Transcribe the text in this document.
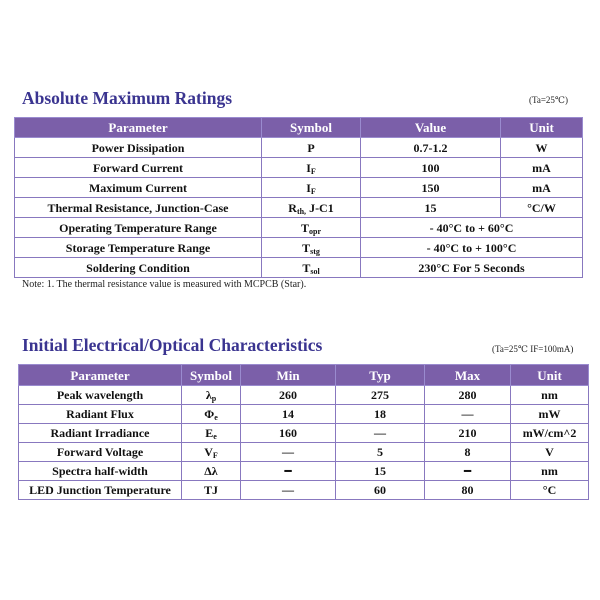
Absolute Maximum Ratings	(Ta=25℃)
Parameter	Symbol	Value	Unit
Power Dissipation	P	0.7-1.2	W
Forward Current	$I_F$	100	mA
Maximum Current	$I_F$	150	mA
Thermal Resistance, Junction-Case	$R_{th,}$ J-C1	15	°C/W
Operating Temperature Range	$T_{opr}$	- 40°C to + 60°C	
Storage Temperature Range	$T_{stg}$	- 40°C to + 100°C	
Soldering Condition	$T_{sol}$	230°C For 5 Seconds	
Note: 1. The thermal resistance value is measured with MCPCB (Star).
Initial Electrical/Optical Characteristics	(Ta=25℃ IF=100mA)
Parameter	Symbol	Min	Typ	Max	Unit
Peak wavelength	$\lambda_p$	260	275	280	nm
Radiant Flux	$\Phi_e$	14	18	—	mW
Radiant Irradiance	$E_e$	160	—	210	mW/cm^2
Forward Voltage	$V_F$	—	5	8	V
Spectra half-width	Δλ	━	15	━	nm
LED Junction Temperature	TJ	—	60	80	°C
